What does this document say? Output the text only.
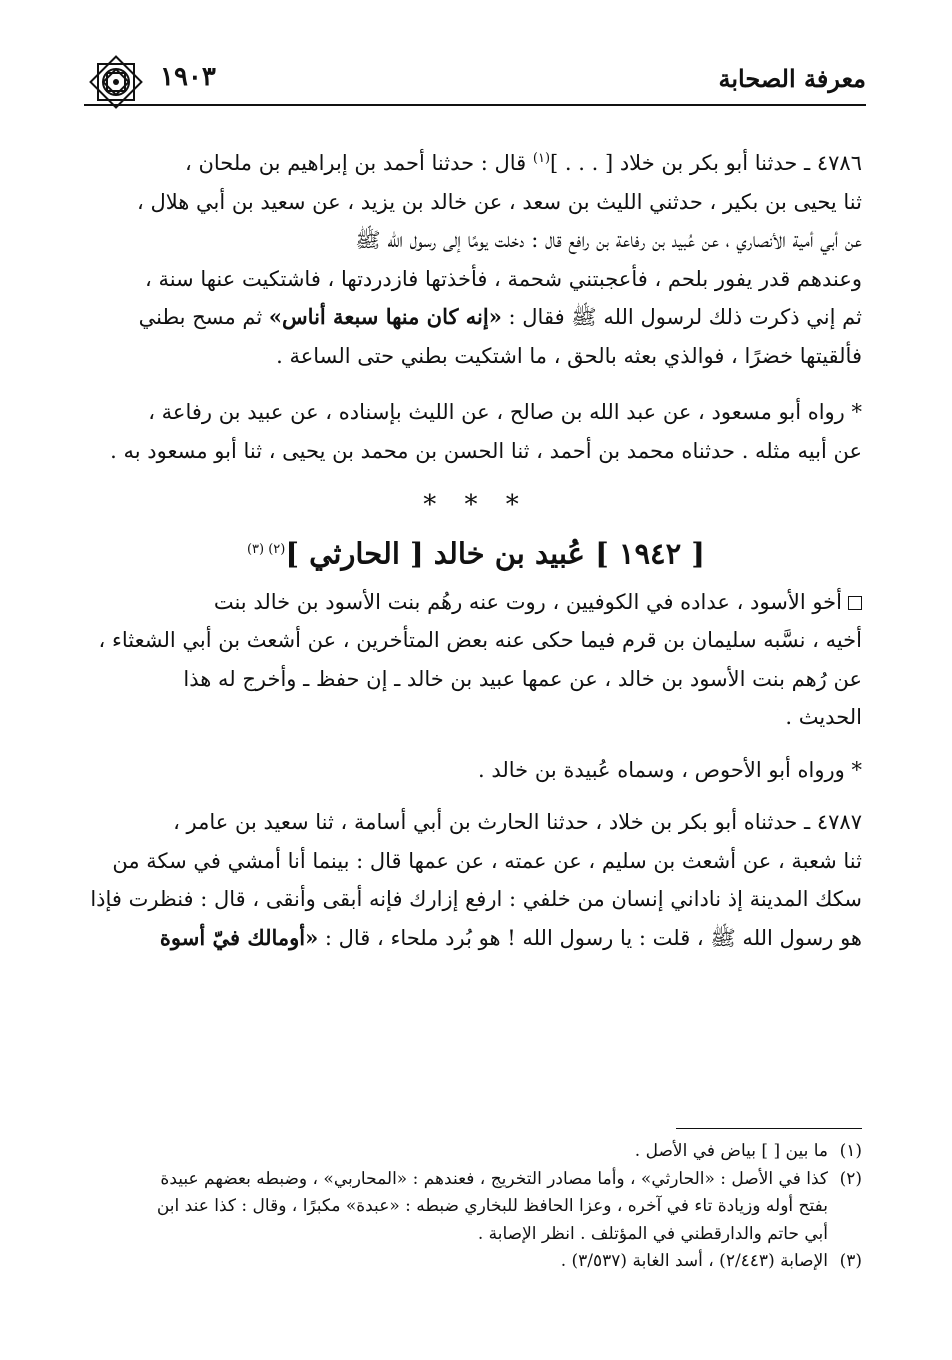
معرفة الصحابة
١٩٠٣

٤٧٨٦ ـ حدثنا أبو بكر بن خلاد [ . . . ]$^{(١)}$ قال : حدثنا أحمد بن إبراهيم بن ملحان ،

ثنا يحيى بن بكير ، حدثني الليث بن سعد ، عن خالد بن يزيد ، عن سعيد بن أبي هلال ،

عن أبي أمية الأنصاري ، عن عُبيد بن رفاعة بن رافع قال : دخلت يومًا إلى رسول الله ﷺ

وعندهم قدر يفور بلحم ، فأعجبتني شحمة ، فأخذتها فازدردتها ، فاشتكيت عنها سنة ،

ثم إني ذكرت ذلك لرسول الله ﷺ فقال : «إنه كان منها سبعة أناس» ثم مسح بطني

فألقيتها خضرًا ، فوالذي بعثه بالحق ، ما اشتكيت بطني حتى الساعة .

* رواه أبو مسعود ، عن عبد الله بن صالح ، عن الليث بإسناده ، عن عبيد بن رفاعة ،

عن أبيه مثله . حدثناه محمد بن أحمد ، ثنا الحسن بن محمد بن يحيى ، ثنا أبو مسعود به .

* * *
[ ١٩٤٢ ] عُبيد بن خالد [ الحارثي ]$^{(٢) (٣)}$

أخو الأسود ، عداده في الكوفيين ، روت عنه رهُم بنت الأسود بن خالد بنت

أخيه ، نسَّبه سليمان بن قرم فيما حكى عنه بعض المتأخرين ، عن أشعث بن أبي الشعثاء ،

عن رُهم بنت الأسود بن خالد ، عن عمها عبيد بن خالد ـ إن حفظ ـ وأخرج له هذا

الحديث .

* ورواه أبو الأحوص ، وسماه عُبيدة بن خالد .

٤٧٨٧ ـ حدثناه أبو بكر بن خلاد ، حدثنا الحارث بن أبي أسامة ، ثنا سعيد بن عامر ،

ثنا شعبة ، عن أشعث بن سليم ، عن عمته ، عن عمها قال : بينما أنا أمشي في سكة من

سكك المدينة إذ ناداني إنسان من خلفي : ارفع إزارك فإنه أبقى وأنقى ، قال : فنظرت فإذا

هو رسول الله ﷺ ، قلت : يا رسول الله ! هو بُرد ملحاء ، قال : «أومالك فيّ أسوة

(١)ما بين [ ] بياض في الأصل .

(٢)كذا في الأصل : «الحارثي» ، وأما مصادر التخريج ، فعندهم : «المحاربي» ، وضبطه بعضهم عبيدة

بفتح أوله وزيادة تاء في آخره ، وعزا الحافظ للبخاري ضبطه : «عبدة» مكبرًا ، وقال : كذا عند ابن

أبي حاتم والدارقطني في المؤتلف . انظر الإصابة .

(٣)الإصابة (٢/٤٤٣) ، أسد الغابة (٣/٥٣٧) .
